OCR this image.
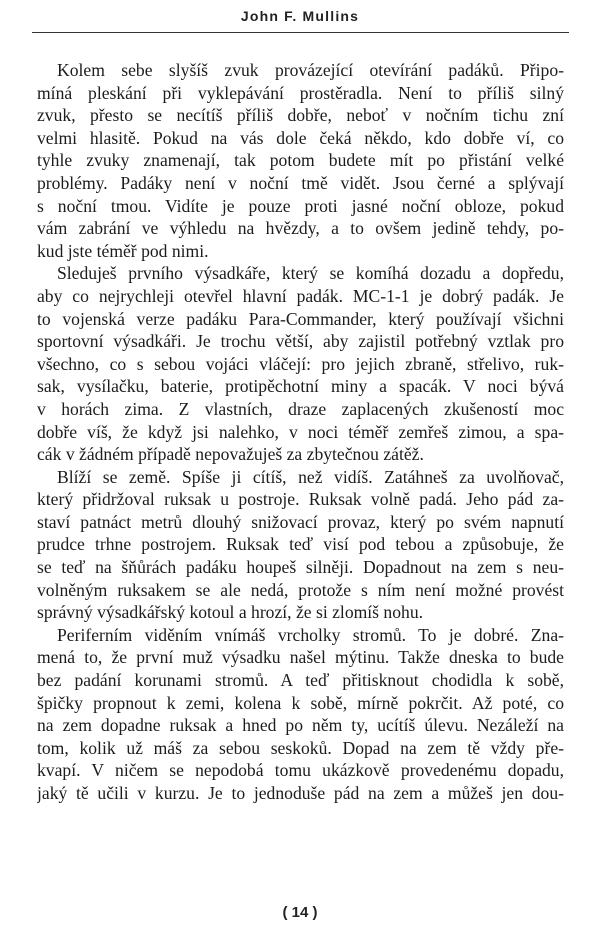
John F. Mullins
Kolem sebe slyšíš zvuk provázející otevírání padáků. Připo-
míná pleskání při vyklepávání prostěradla. Není to příliš silný
zvuk, přesto se necítíš příliš dobře, neboť v nočním tichu zní
velmi hlasitě. Pokud na vás dole čeká někdo, kdo dobře ví, co
tyhle zvuky znamenají, tak potom budete mít po přistání velké
problémy. Padáky není v noční tmě vidět. Jsou černé a splývají
s noční tmou. Vidíte je pouze proti jasné noční obloze, pokud
vám zabrání ve výhledu na hvězdy, a to ovšem jedině tehdy, po-
kud jste téměř pod nimi.
Sleduješ prvního výsadkáře, který se komíhá dozadu a dopředu,
aby co nejrychleji otevřel hlavní padák. MC-1-1 je dobrý padák. Je
to vojenská verze padáku Para-Commander, který používají všichni
sportovní výsadkáři. Je trochu větší, aby zajistil potřebný vztlak pro
všechno, co s sebou vojáci vláčejí: pro jejich zbraně, střelivo, ruk-
sak, vysílačku, baterie, protipěchotní miny a spacák. V noci bývá
v horách zima. Z vlastních, draze zaplacených zkušeností moc
dobře víš, že když jsi nalehko, v noci téměř zemřeš zimou, a spa-
cák v žádném případě nepovažuješ za zbytečnou zátěž.
Blíží se země. Spíše ji cítíš, než vidíš. Zatáhneš za uvolňovač,
který přidržoval ruksak u postroje. Ruksak volně padá. Jeho pád za-
staví patnáct metrů dlouhý snižovací provaz, který po svém napnutí
prudce trhne postrojem. Ruksak teď visí pod tebou a způsobuje, že
se teď na šňůrách padáku houpeš silněji. Dopadnout na zem s neu-
volněným ruksakem se ale nedá, protože s ním není možné provést
správný výsadkářský kotoul a hrozí, že si zlomíš nohu.
Periferním viděním vnímáš vrcholky stromů. To je dobré. Zna-
mená to, že první muž výsadku našel mýtinu. Takže dneska to bude
bez padání korunami stromů. A teď přitisknout chodidla k sobě,
špičky propnout k zemi, kolena k sobě, mírně pokrčit. Až poté, co
na zem dopadne ruksak a hned po něm ty, ucítíš úlevu. Nezáleží na
tom, kolik už máš za sebou seskoků. Dopad na zem tě vždy pře-
kvapí. V ničem se nepodobá tomu ukázkově provedenému dopadu,
jaký tě učili v kurzu. Je to jednoduše pád na zem a můžeš jen dou-
( 14 )
